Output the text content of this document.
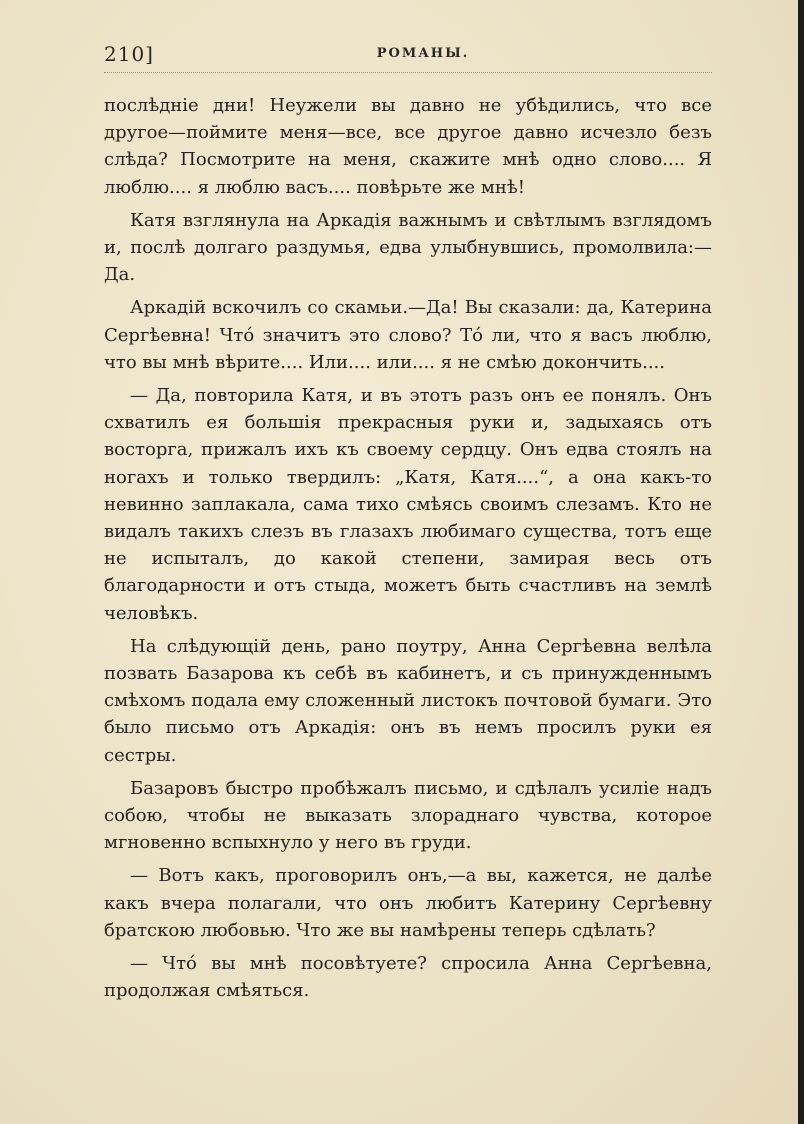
210]	РОМАНЫ.

послѣдніе дни! Неужели вы давно не убѣдились, что все другое—поймите меня—все, все другое давно исчезло безъ слѣда? Посмотрите на меня, скажите мнѣ одно слово.... Я люблю.... я люблю васъ.... повѣрьте же мнѣ!

Катя взглянула на Аркадія важнымъ и свѣтлымъ взглядомъ и, послѣ долгаго раздумья, едва улыбнувшись, промолвила:—Да.

Аркадій вскочилъ со скамьи.—Да! Вы сказали: да, Катерина Сергѣевна! Что́ значитъ это слово? То́ ли, что я васъ люблю, что вы мнѣ вѣрите.... Или.... или.... я не смѣю докончить....

— Да, повторила Катя, и въ этотъ разъ онъ ее понялъ. Онъ схватилъ ея большія прекрасныя руки и, задыхаясь отъ восторга, прижалъ ихъ къ своему сердцу. Онъ едва стоялъ на ногахъ и только твердилъ: „Катя, Катя....“, а она какъ-то невинно заплакала, сама тихо смѣясь своимъ слезамъ. Кто не видалъ такихъ слезъ въ глазахъ любимаго существа, тотъ еще не испыталъ, до какой степени, замирая весь отъ благодарности и отъ стыда, можетъ быть счастливъ на землѣ человѣкъ.

На слѣдующій день, рано поутру, Анна Сергѣевна велѣла позвать Базарова къ себѣ въ кабинетъ, и съ принужденнымъ смѣхомъ подала ему сложенный листокъ почтовой бумаги. Это было письмо отъ Аркадія: онъ въ немъ просилъ руки ея сестры.

Базаровъ быстро пробѣжалъ письмо, и сдѣлалъ усиліе надъ собою, чтобы не выказать злораднаго чувства, которое мгновенно вспыхнуло у него въ груди.

— Вотъ какъ, проговорилъ онъ,—а вы, кажется, не далѣе какъ вчера полагали, что онъ любитъ Катерину Сергѣевну братскою любовью. Что же вы намѣрены теперь сдѣлать?

— Что́ вы мнѣ посовѣтуете? спросила Анна Сергѣевна, продолжая смѣяться.
